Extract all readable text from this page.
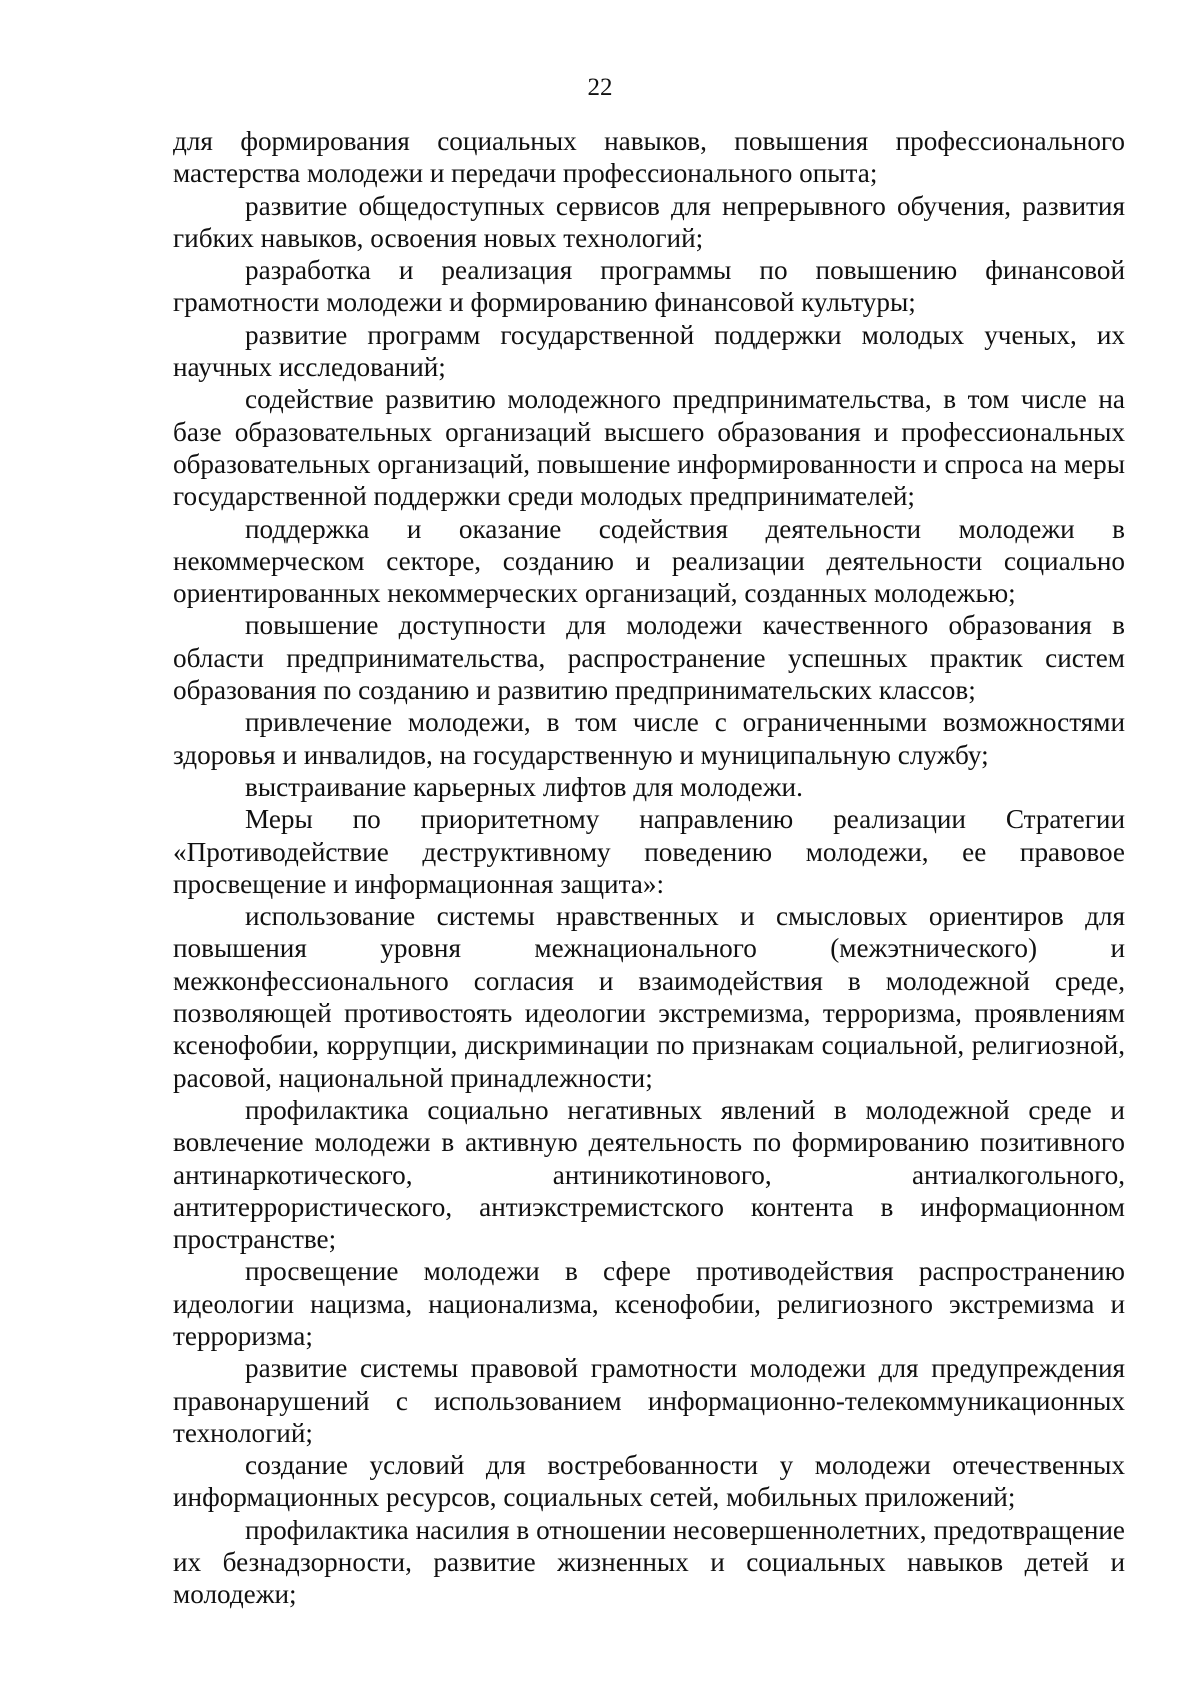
22

для формирования социальных навыков, повышения профессионального мастерства молодежи и передачи профессионального опыта;

развитие общедоступных сервисов для непрерывного обучения, развития гибких навыков, освоения новых технологий;

разработка и реализация программы по повышению финансовой грамотности молодежи и формированию финансовой культуры;

развитие программ государственной поддержки молодых ученых, их научных исследований;

содействие развитию молодежного предпринимательства, в том числе на базе образовательных организаций высшего образования и профессиональных образовательных организаций, повышение информированности и спроса на меры государственной поддержки среди молодых предпринимателей;

поддержка и оказание содействия деятельности молодежи в некоммерческом секторе, созданию и реализации деятельности социально ориентированных некоммерческих организаций, созданных молодежью;

повышение доступности для молодежи качественного образования в области предпринимательства, распространение успешных практик систем образования по созданию и развитию предпринимательских классов;

привлечение молодежи, в том числе с ограниченными возможностями здоровья и инвалидов, на государственную и муниципальную службу;

выстраивание карьерных лифтов для молодежи.

Меры по приоритетному направлению реализации Стратегии «Противодействие деструктивному поведению молодежи, ее правовое просвещение и информационная защита»:

использование системы нравственных и смысловых ориентиров для повышения уровня межнационального (межэтнического) и межконфессионального согласия и взаимодействия в молодежной среде, позволяющей противостоять идеологии экстремизма, терроризма, проявлениям ксенофобии, коррупции, дискриминации по признакам социальной, религиозной, расовой, национальной принадлежности;

профилактика социально негативных явлений в молодежной среде и вовлечение молодежи в активную деятельность по формированию позитивного антинаркотического, антиникотинового, антиалкогольного, антитеррористического, антиэкстремистского контента в информационном пространстве;

просвещение молодежи в сфере противодействия распространению идеологии нацизма, национализма, ксенофобии, религиозного экстремизма и терроризма;

развитие системы правовой грамотности молодежи для предупреждения правонарушений с использованием информационно-телекоммуникационных технологий;

создание условий для востребованности у молодежи отечественных информационных ресурсов, социальных сетей, мобильных приложений;

профилактика насилия в отношении несовершеннолетних, предотвращение их безнадзорности, развитие жизненных и социальных навыков детей и молодежи;
